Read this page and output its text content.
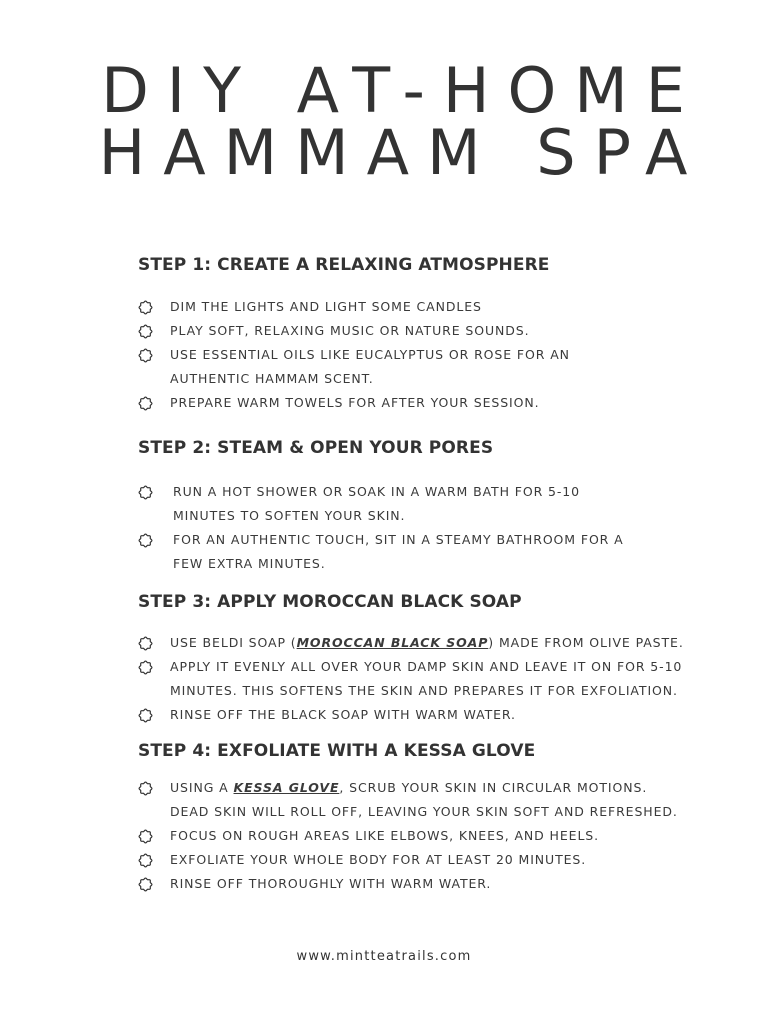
DIY AT-HOME
HAMMAM SPA
STEP 1: CREATE A RELAXING ATMOSPHERE
DIM THE LIGHTS AND LIGHT SOME CANDLES
PLAY SOFT, RELAXING MUSIC OR NATURE SOUNDS.
USE ESSENTIAL OILS LIKE EUCALYPTUS OR ROSE FOR AN
AUTHENTIC HAMMAM SCENT.
PREPARE WARM TOWELS FOR AFTER YOUR SESSION.
STEP 2: STEAM & OPEN YOUR PORES
RUN A HOT SHOWER OR SOAK IN A WARM BATH FOR 5-10
MINUTES TO SOFTEN YOUR SKIN.
FOR AN AUTHENTIC TOUCH, SIT IN A STEAMY BATHROOM FOR A
FEW EXTRA MINUTES.
STEP 3: APPLY MOROCCAN BLACK SOAP
USE BELDI SOAP (MOROCCAN BLACK SOAP) MADE FROM OLIVE PASTE.
APPLY IT EVENLY ALL OVER YOUR DAMP SKIN AND LEAVE IT ON FOR 5-10
MINUTES. THIS SOFTENS THE SKIN AND PREPARES IT FOR EXFOLIATION.
RINSE OFF THE BLACK SOAP WITH WARM WATER.
STEP 4: EXFOLIATE WITH A KESSA GLOVE
USING A KESSA GLOVE, SCRUB YOUR SKIN IN CIRCULAR MOTIONS.
DEAD SKIN WILL ROLL OFF, LEAVING YOUR SKIN SOFT AND REFRESHED.
FOCUS ON ROUGH AREAS LIKE ELBOWS, KNEES, AND HEELS.
EXFOLIATE YOUR WHOLE BODY FOR AT LEAST 20 MINUTES.
RINSE OFF THOROUGHLY WITH WARM WATER.
www.mintteatrails.com
